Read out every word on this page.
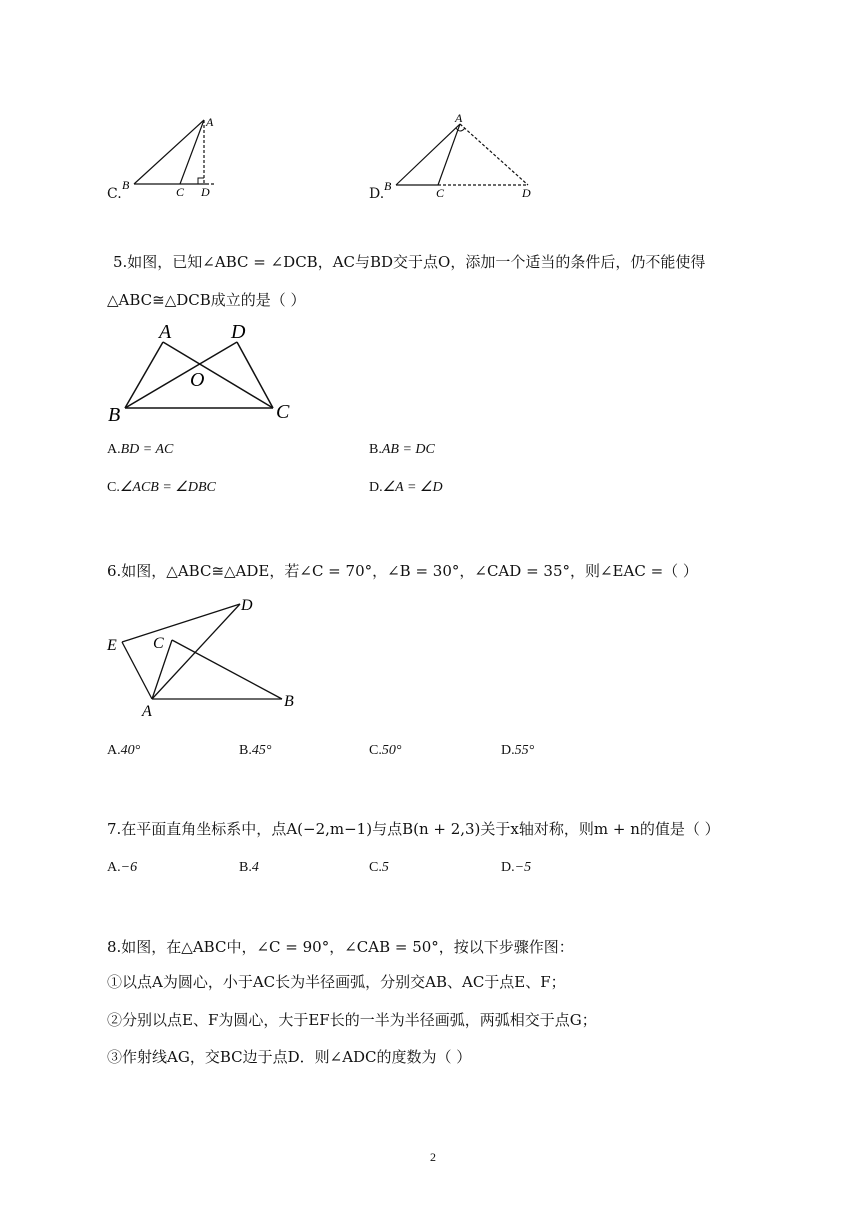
C.
A
B	C D	D.
A
B	C	D
5.如图，已知∠ABC = ∠DCB，AC与BD交于点O，添加一个适当的条件后，仍不能使得
△ABC≅△DCB成立的是（ ）
A	D
O
B	C
A.BD = AC	B.AB = DC
C.∠ACB = ∠DBC	D.∠A = ∠D
6.如图，△ABC≅△ADE，若∠C = 70°，∠B = 30°，∠CAD = 35°，则∠EAC =（ ）
D
E C
A
B
A.40°	B.45°	C.50°	D.55°
7.在平面直角坐标系中，点A(−2,m−1)与点B(n + 2,3)关于x轴对称，则m + n的值是（ ）
A.−6	B.4	C.5	D.−5
8.如图，在△ABC中，∠C = 90°，∠CAB = 50°，按以下步骤作图：
①以点A为圆心，小于AC长为半径画弧，分别交AB、AC于点E、F；
②分别以点E、F为圆心，大于EF长的一半为半径画弧，两弧相交于点G；
③作射线AG，交BC边于点D．则∠ADC的度数为（ ）
2
